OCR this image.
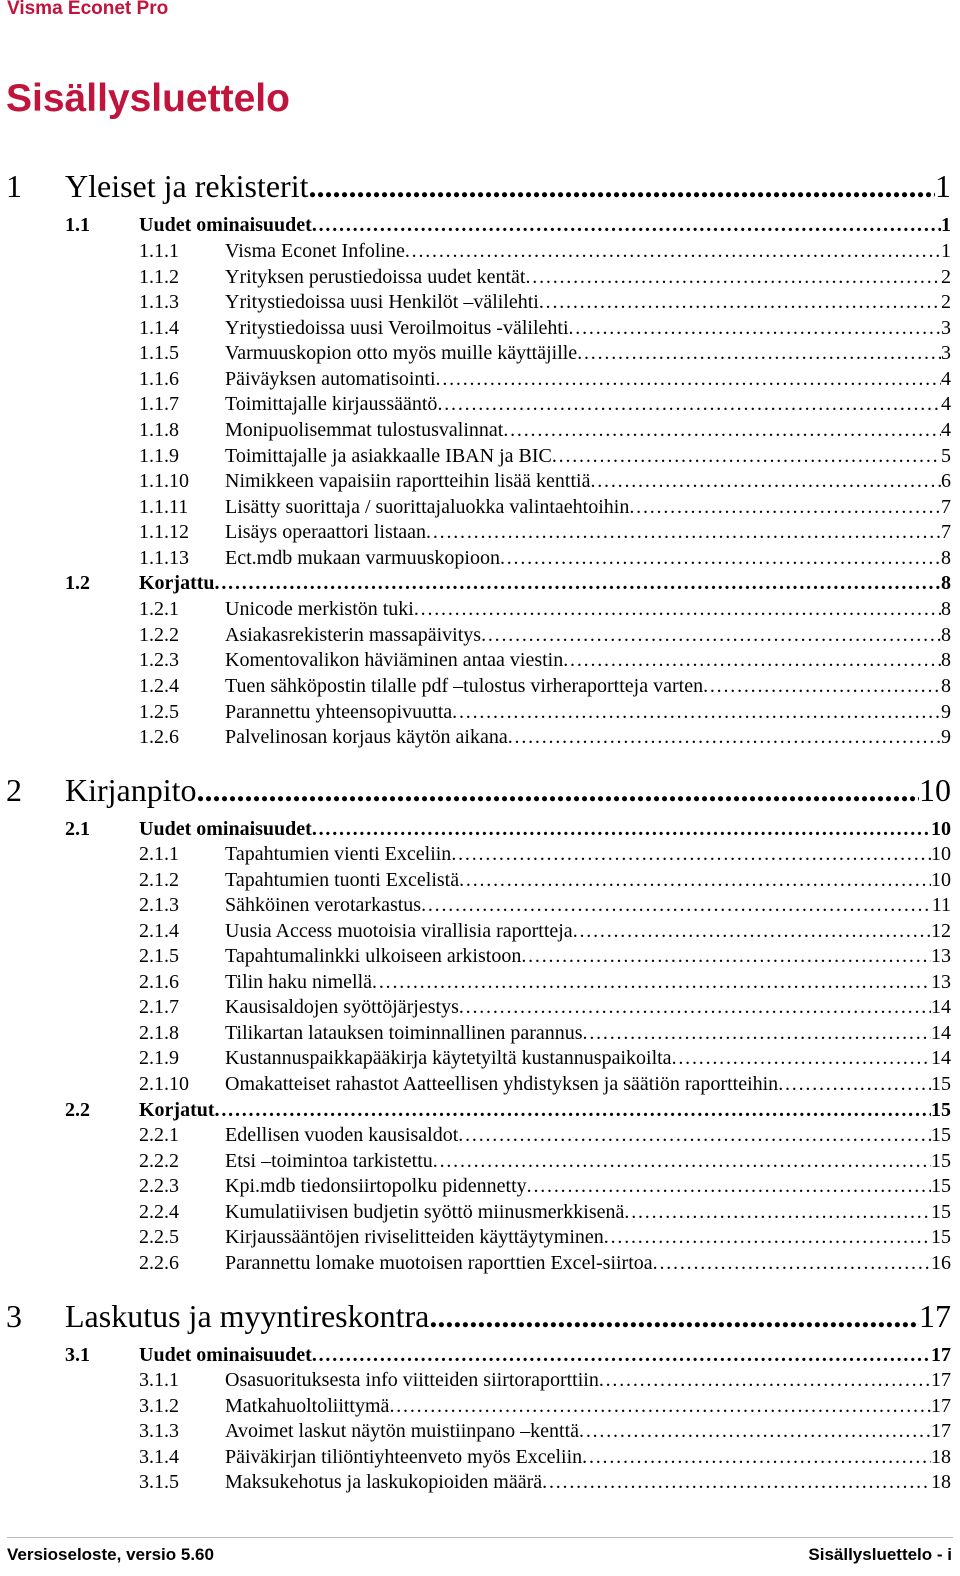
Visma Econet Pro
Sisällysluettelo
1 Yleiset ja rekisterit . . .	1
1.1 Uudet ominaisuudet . . .	1
1.1.1 Visma Econet Infoline . . .	1
1.1.2 Yrityksen perustiedoissa uudet kentät . . .	2
1.1.3 Yritystiedoissa uusi Henkilöt –välilehti . . .	2
1.1.4 Yritystiedoissa uusi Veroilmoitus -välilehti . . .	3
1.1.5 Varmuuskopion otto myös muille käyttäjille . . .	3
1.1.6 Päiväyksen automatisointi . . .	4
1.1.7 Toimittajalle kirjaussääntö . . .	4
1.1.8 Monipuolisemmat tulostusvalinnat . . .	4
1.1.9 Toimittajalle ja asiakkaalle IBAN ja BIC . . .	5
1.1.10 Nimikkeen vapaisiin raportteihin lisää kenttiä . . .	6
1.1.11 Lisätty suorittaja / suorittajaluokka valintaehtoihin . . .	7
1.1.12 Lisäys operaattori listaan . . .	7
1.1.13 Ect.mdb mukaan varmuuskopioon . . .	8
1.2 Korjattu . . .	8
1.2.1 Unicode merkistön tuki . . .	8
1.2.2 Asiakasrekisterin massapäivitys . . .	8
1.2.3 Komentovalikon häviäminen antaa viestin . . .	8
1.2.4 Tuen sähköpostin tilalle pdf –tulostus virheraportteja varten . . .	8
1.2.5 Parannettu yhteensopivuutta . . .	9
1.2.6 Palvelinosan korjaus käytön aikana . . .	9
2 Kirjanpito . . .	10
2.1 Uudet ominaisuudet . . .	10
2.1.1 Tapahtumien vienti Exceliin . . .	10
2.1.2 Tapahtumien tuonti Excelistä . . .	10
2.1.3 Sähköinen verotarkastus . . .	11
2.1.4 Uusia Access muotoisia virallisia raportteja . . .	12
2.1.5 Tapahtumalinkki ulkoiseen arkistoon . . .	13
2.1.6 Tilin haku nimellä . . .	13
2.1.7 Kausisaldojen syöttöjärjestys . . .	14
2.1.8 Tilikartan latauksen toiminnallinen parannus . . .	14
2.1.9 Kustannuspaikkapääkirja käytetyiltä kustannuspaikoilta . . .	14
2.1.10 Omakatteiset rahastot Aatteellisen yhdistyksen ja säätiön raportteihin . . .	15
2.2 Korjatut . . .	15
2.2.1 Edellisen vuoden kausisaldot . . .	15
2.2.2 Etsi –toimintoa tarkistettu . . .	15
2.2.3 Kpi.mdb tiedonsiirtopolku pidennetty . . .	15
2.2.4 Kumulatiivisen budjetin syöttö miinusmerkkisenä . . .	15
2.2.5 Kirjaussääntöjen riviselitteiden käyttäytyminen . . .	15
2.2.6 Parannettu lomake muotoisen raporttien Excel-siirtoa . . .	16
3 Laskutus ja myyntireskontra . . .	17
3.1 Uudet ominaisuudet . . .	17
3.1.1 Osasuorituksesta info viitteiden siirtoraporttiin . . .	17
3.1.2 Matkahuoltoliittymä . . .	17
3.1.3 Avoimet laskut näytön muistiinpano –kenttä . . .	17
3.1.4 Päiväkirjan tiliöntiyhteenveto myös Exceliin . . .	18
3.1.5 Maksukehotus ja laskukopioiden määrä . . .	18
Versioseloste, versio 5.60	Sisällysluettelo - i
